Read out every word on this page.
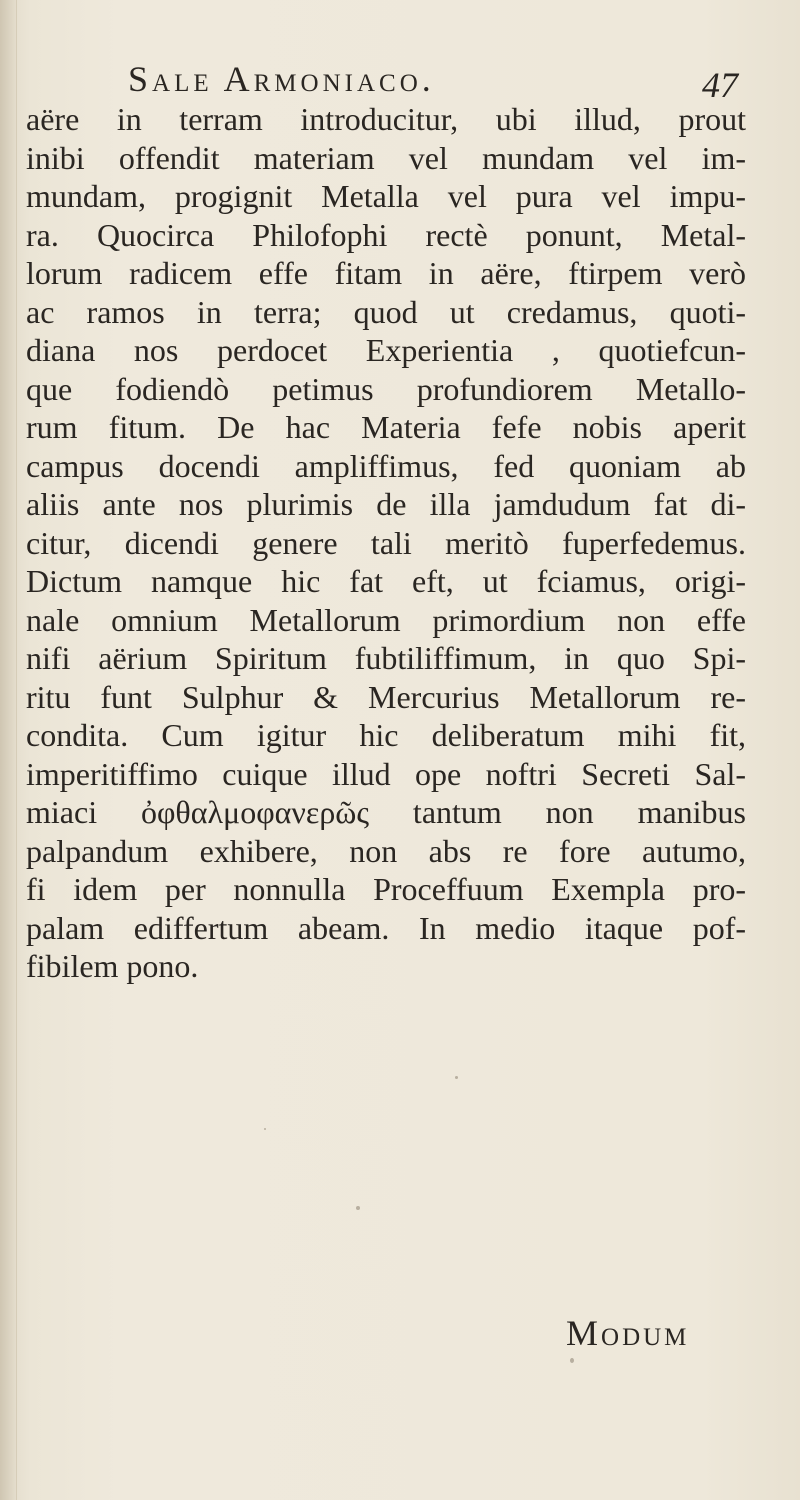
Sale Armoniaco.	47
aëre in terram introducitur, ubi illud, prout
inibi offendit materiam vel mundam vel im-
mundam, progignit Metalla vel pura vel impu-
ra. Quocirca Philofophi rectè ponunt, Metal-
lorum radicem effe fitam in aëre, ftirpem verò
ac ramos in terra; quod ut credamus, quoti-
diana nos perdocet Experientia , quotiefcun-
que fodiendò petimus profundiorem Metallo-
rum fitum. De hac Materia fefe nobis aperit
campus docendi ampliffimus, fed quoniam ab
aliis ante nos plurimis de illa jamdudum fat di-
citur, dicendi genere tali meritò fuperfedemus.
Dictum namque hic fat eft, ut fciamus, origi-
nale omnium Metallorum primordium non effe
nifi aërium Spiritum fubtiliffimum, in quo Spi-
ritu funt Sulphur & Mercurius Metallorum re-
condita. Cum igitur hic deliberatum mihi fit,
imperitiffimo cuique illud ope noftri Secreti Sal-
miaci ὀφθαλμοφανερῶς tantum non manibus
palpandum exhibere, non abs re fore autumo,
fi idem per nonnulla Proceffuum Exempla pro-
palam ediffertum abeam. In medio itaque pof-
fibilem pono.
Modum
